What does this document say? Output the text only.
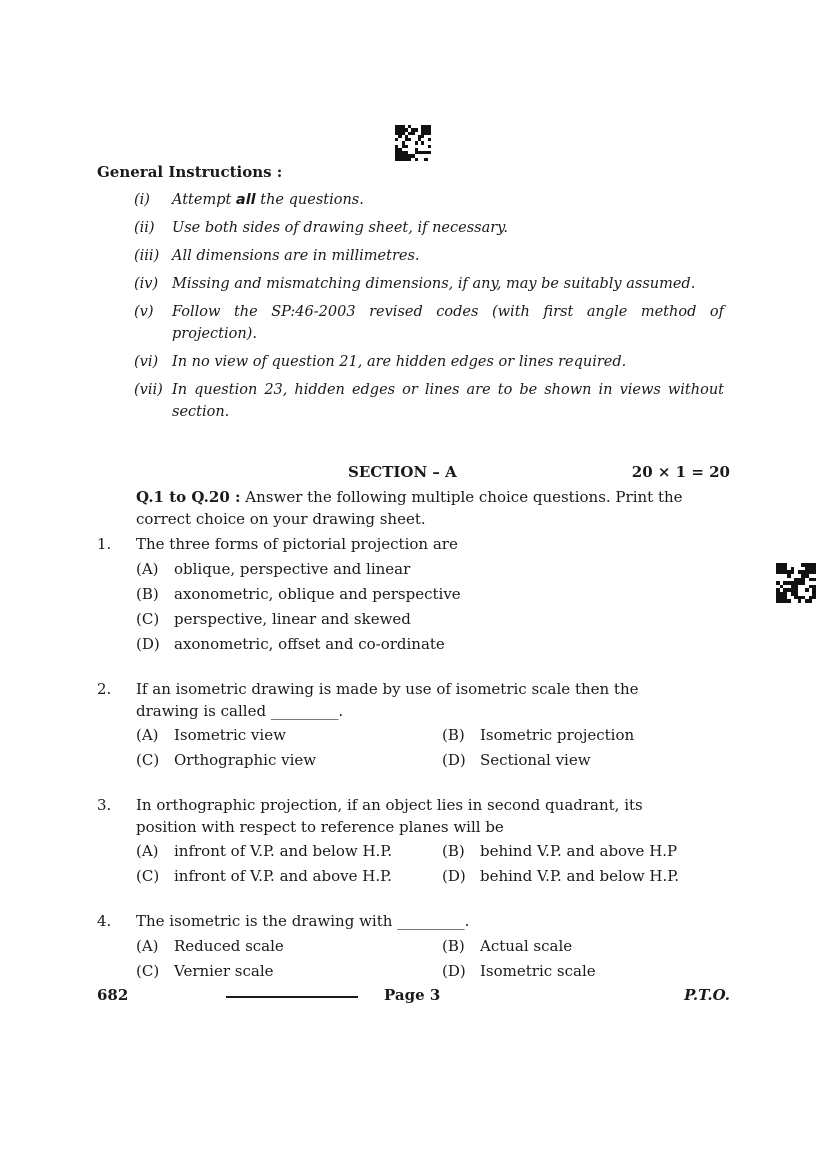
General Instructions :
(i) Attempt all the questions.
(ii) Use both sides of drawing sheet, if necessary.
(iii) All dimensions are in millimetres.
(iv) Missing and mismatching dimensions, if any, may be suitably assumed.
(v) Follow the SP:46-2003 revised codes (with first angle method of projection).
(vi) In no view of question 21, are hidden edges or lines required.
(vii) In question 23, hidden edges or lines are to be shown in views without section.
SECTION – A	20 × 1 = 20
Q.1 to Q.20 : Answer the following multiple choice questions. Print the correct choice on your drawing sheet.
1. The three forms of pictorial projection are
(A) oblique, perspective and linear
(B) axonometric, oblique and perspective
(C) perspective, linear and skewed
(D) axonometric, offset and co-ordinate
2. If an isometric drawing is made by use of isometric scale then the drawing is called _________.
(A) Isometric view	(B) Isometric projection
(C) Orthographic view	(D) Sectional view
3. In orthographic projection, if an object lies in second quadrant, its position with respect to reference planes will be
(A) infront of V.P. and below H.P.	(B) behind V.P. and above H.P
(C) infront of V.P. and above H.P.	(D) behind V.P. and below H.P.
4. The isometric is the drawing with _________.
(A) Reduced scale	(B) Actual scale
(C) Vernier scale	(D) Isometric scale
682	Page 3	P.T.O.
